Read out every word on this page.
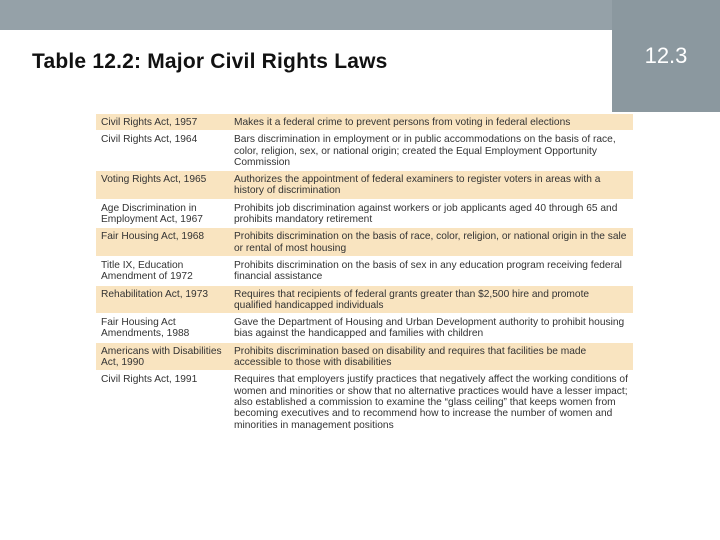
12.3
Table 12.2: Major Civil Rights Laws
Civil Rights Act, 1957	Makes it a federal crime to prevent persons from voting in federal elections
Civil Rights Act, 1964	Bars discrimination in employment or in public accommodations on the basis of race, color, religion, sex, or national origin; created the Equal Employment Opportunity Commission
Voting Rights Act, 1965	Authorizes the appointment of federal examiners to register voters in areas with a history of discrimination
Age Discrimination in Employment Act, 1967	Prohibits job discrimination against workers or job applicants aged 40 through 65 and prohibits mandatory retirement
Fair Housing Act, 1968	Prohibits discrimination on the basis of race, color, religion, or national origin in the sale or rental of most housing
Title IX, Education Amendment of 1972	Prohibits discrimination on the basis of sex in any education program receiving federal financial assistance
Rehabilitation Act, 1973	Requires that recipients of federal grants greater than $2,500 hire and promote qualified handicapped individuals
Fair Housing Act Amendments, 1988	Gave the Department of Housing and Urban Development authority to prohibit housing bias against the handicapped and families with children
Americans with Disabilities Act, 1990	Prohibits discrimination based on disability and requires that facilities be made accessible to those with disabilities
Civil Rights Act, 1991	Requires that employers justify practices that negatively affect the working conditions of women and minorities or show that no alternative practices would have a lesser impact; also established a commission to examine the “glass ceiling” that keeps women from becoming executives and to recommend how to increase the number of women and minorities in management positions
